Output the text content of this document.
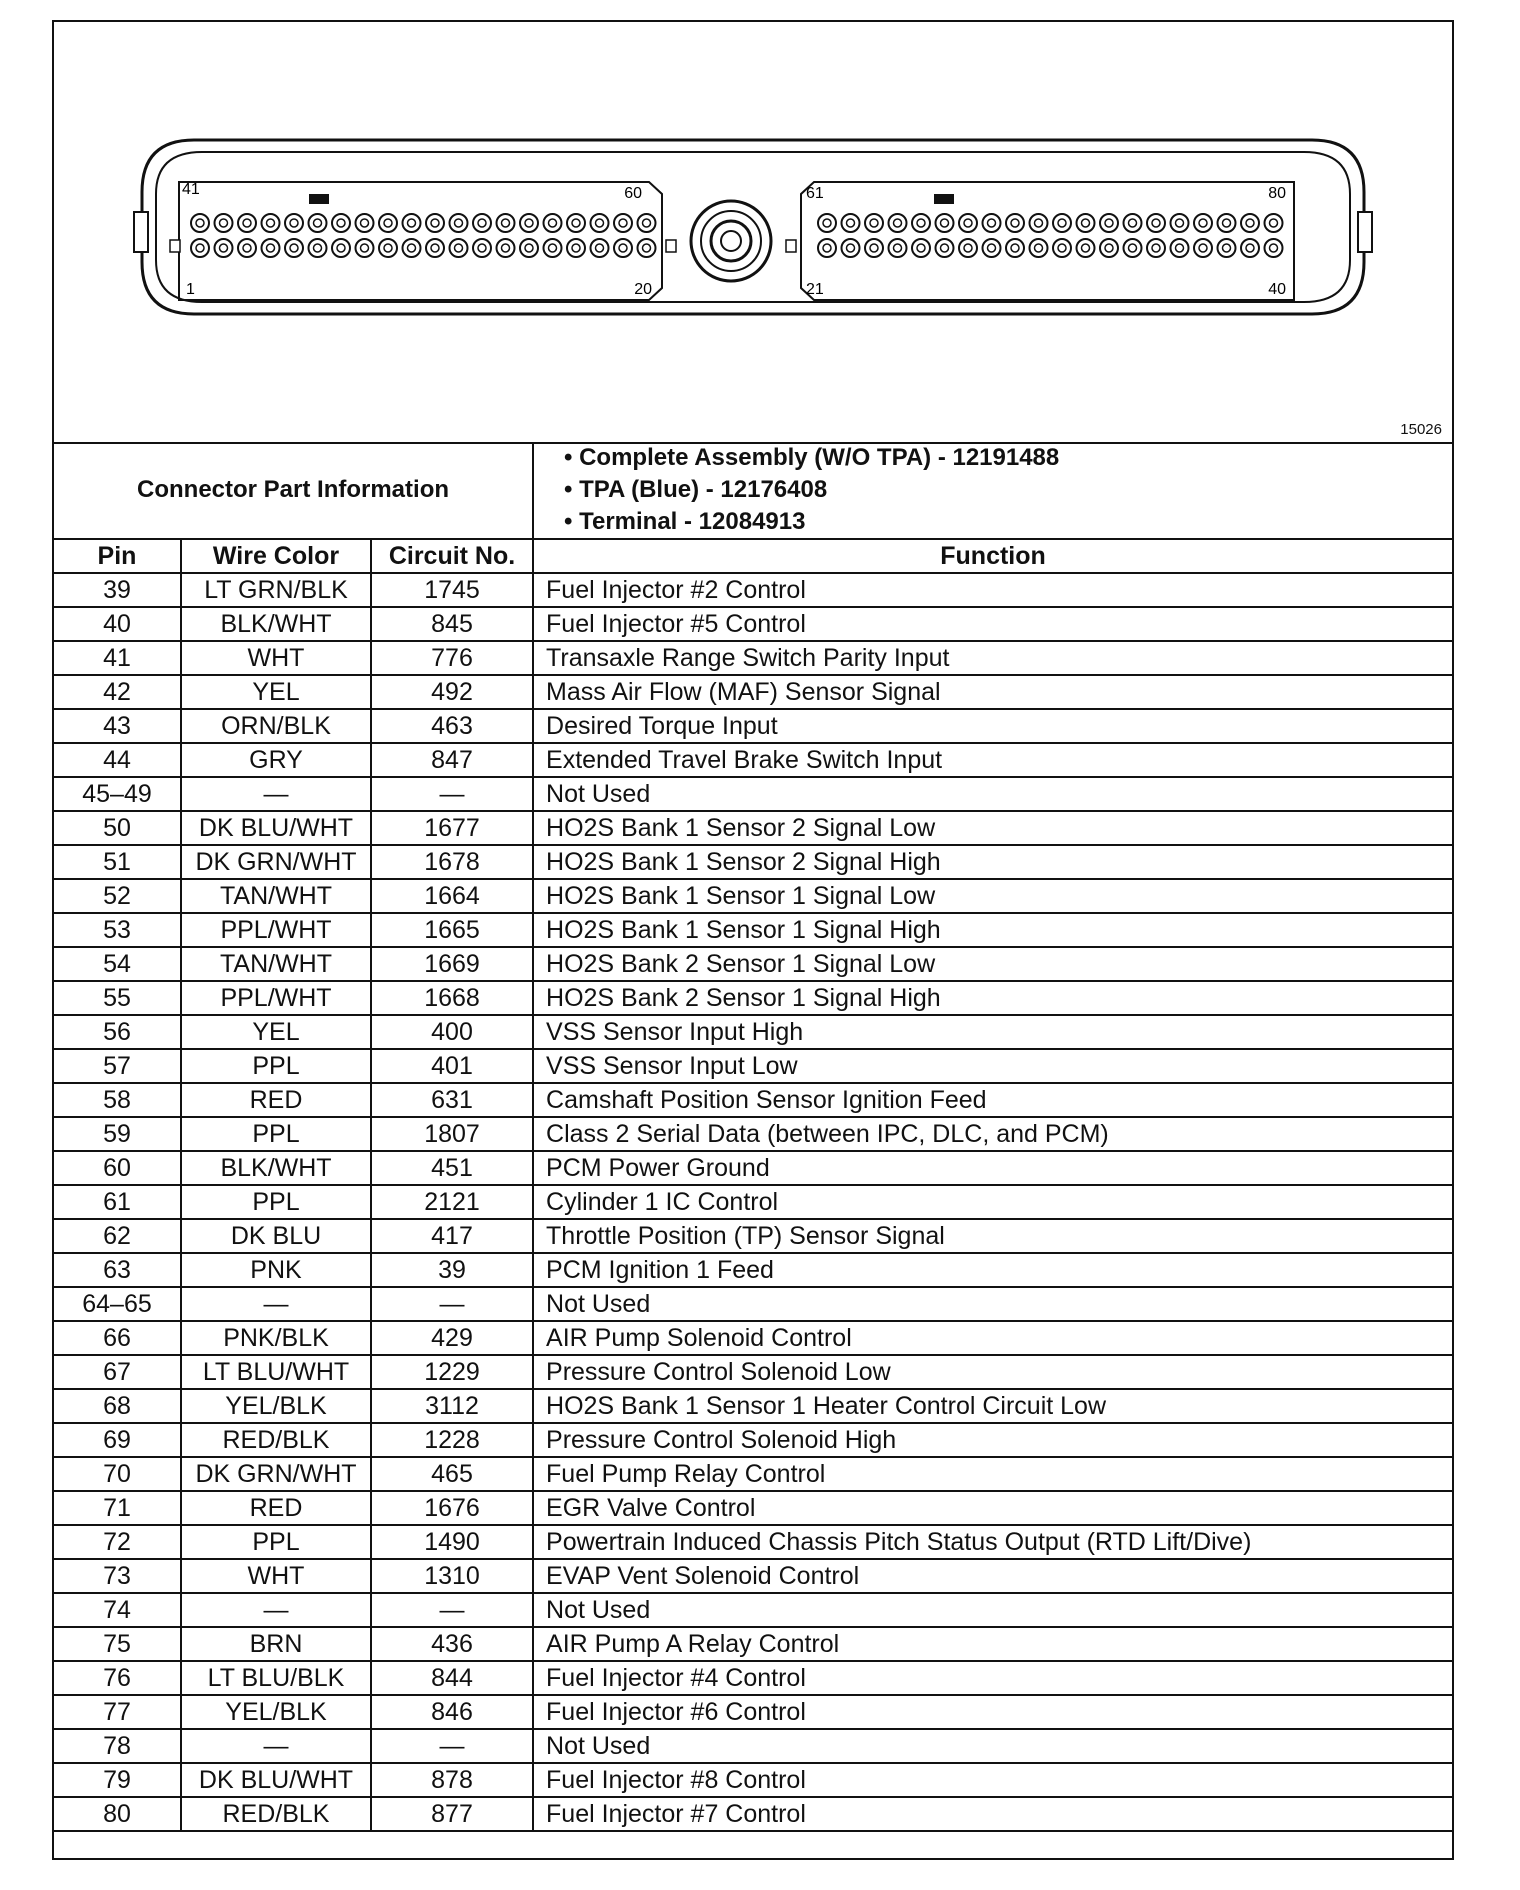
41	60
1	20
61	80
21	40
15026
Connector Part Information			• Complete Assembly (W/O TPA) - 12191488
• TPA (Blue) - 12176408
• Terminal - 12084913

Pin	Wire Color	Circuit No.	Function
39	LT GRN/BLK	1745	Fuel Injector #2 Control
40	BLK/WHT	845	Fuel Injector #5 Control
41	WHT	776	Transaxle Range Switch Parity Input
42	YEL	492	Mass Air Flow (MAF) Sensor Signal
43	ORN/BLK	463	Desired Torque Input
44	GRY	847	Extended Travel Brake Switch Input
45–49	—	—	Not Used
50	DK BLU/WHT	1677	HO2S Bank 1 Sensor 2 Signal Low
51	DK GRN/WHT	1678	HO2S Bank 1 Sensor 2 Signal High
52	TAN/WHT	1664	HO2S Bank 1 Sensor 1 Signal Low
53	PPL/WHT	1665	HO2S Bank 1 Sensor 1 Signal High
54	TAN/WHT	1669	HO2S Bank 2 Sensor 1 Signal Low
55	PPL/WHT	1668	HO2S Bank 2 Sensor 1 Signal High
56	YEL	400	VSS Sensor Input High
57	PPL	401	VSS Sensor Input Low
58	RED	631	Camshaft Position Sensor Ignition Feed
59	PPL	1807	Class 2 Serial Data (between IPC, DLC, and PCM)
60	BLK/WHT	451	PCM Power Ground
61	PPL	2121	Cylinder 1 IC Control
62	DK BLU	417	Throttle Position (TP) Sensor Signal
63	PNK	39	PCM Ignition 1 Feed
64–65	—	—	Not Used
66	PNK/BLK	429	AIR Pump Solenoid Control
67	LT BLU/WHT	1229	Pressure Control Solenoid Low
68	YEL/BLK	3112	HO2S Bank 1 Sensor 1 Heater Control Circuit Low
69	RED/BLK	1228	Pressure Control Solenoid High
70	DK GRN/WHT	465	Fuel Pump Relay Control
71	RED	1676	EGR Valve Control
72	PPL	1490	Powertrain Induced Chassis Pitch Status Output (RTD Lift/Dive)
73	WHT	1310	EVAP Vent Solenoid Control
74	—	—	Not Used
75	BRN	436	AIR Pump A Relay Control
76	LT BLU/BLK	844	Fuel Injector #4 Control
77	YEL/BLK	846	Fuel Injector #6 Control
78	—	—	Not Used
79	DK BLU/WHT	878	Fuel Injector #8 Control
80	RED/BLK	877	Fuel Injector #7 Control
